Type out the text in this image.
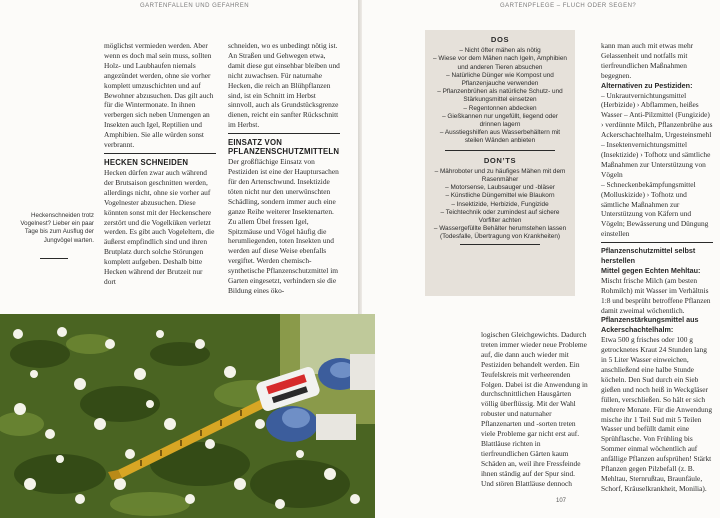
GARTENFALLEN UND GEFAHREN	GARTENPFLEGE – FLUCH ODER SEGEN?

möglichst vermieden werden. Aber wenn es doch mal sein muss, sollten Holz- und Laubhaufen niemals angezündet werden, ohne sie vorher komplett umzuschichten und auf Bewohner abzusuchen. Das gilt auch für die Wintermonate. In ihnen verbergen sich neben Unmengen an Insekten auch Igel, Reptilien und Amphibien. Sie alle würden sonst verbrannt.

HECKEN SCHNEIDEN

Hecken dürfen zwar auch während der Brutsaison geschnitten werden, allerdings nicht, ohne sie vorher auf Vogelnester abzusuchen. Diese könnten sonst mit der Heckenschere zerstört und die Vogelküken verletzt werden. Es gibt auch Vogeleltern, die äußerst empfindlich sind und ihren Brutplatz durch solche Störungen komplett aufgeben. Deshalb bitte Hecken während der Brutzeit nur dort

schneiden, wo es unbedingt nötig ist. An Straßen und Gehwegen etwa, damit diese gut einsehbar bleiben und nicht zuwachsen. Für naturnahe Hecken, die reich an Blühpflanzen sind, ist ein Schnitt im Herbst sinnvoll, auch als Grundstücksgrenze dienen, reicht ein sanfter Rückschnitt im Herbst.

EINSATZ VON PFLANZENSCHUTZMITTELN

Der großflächige Einsatz von Pestiziden ist eine der Hauptursachen für den Artenschwund. Insektizide töten nicht nur den unerwünschten Schädling, sondern immer auch eine ganze Reihe weiterer Insektenarten. Zu allem Übel fressen Igel, Spitzmäuse und Vögel häufig die herumliegenden, toten Insekten und werden auf diese Weise ebenfalls vergiftet. Werden chemisch-synthetische Pflanzenschutzmittel im Garten eingesetzt, verhindern sie die Bildung eines öko-

Heckenschneiden trotz Vogelnest? Lieber ein paar Tage bis zum Ausflug der Jungvögel warten.
DOS
– Nicht öfter mähen als nötig
– Wiese vor dem Mähen nach Igeln, Amphibien und anderen Tieren absuchen
– Natürliche Dünger wie Kompost und Pflanzenjauche verwenden
– Pflanzenbrühen als natürliche Schutz- und Stärkungsmittel einsetzen
– Regentonnen abdecken
– Gießkannen nur ungefüllt, liegend oder drinnen lagern
– Ausstiegshilfen aus Wasserbehältern mit steilen Wänden anbieten
DON’TS
– Mähroboter und zu häufiges Mähen mit dem Rasenmäher
– Motorsense, Laubsauger und -bläser
– Künstliche Düngemittel wie Blaukorn
– Insektizide, Herbizide, Fungizide
– Teichtechnik oder zumindest auf sichere Vorfilter achten
– Wassergefüllte Behälter herumstehen lassen (Todesfalle, Übertragung von Krankheiten)

logischen Gleichgewichts. Dadurch treten immer wieder neue Probleme auf, die dann auch wieder mit Pestiziden behandelt werden. Ein Teufelskreis mit verheerenden Folgen. Dabei ist die Anwendung in durchschnittlichen Hausgärten völlig überflüssig. Mit der Wahl robuster und naturnaher Pflanzenarten und -sorten treten viele Probleme gar nicht erst auf. Blattläuse richten in tierfreundlichen Gärten kaum Schäden an, weil ihre Fressfeinde ihnen ständig auf der Spur sind. Und stören Blattläuse dennoch

kann man auch mit etwas mehr Gelassenheit und notfalls mit tierfreundlichen Maßnahmen begegnen.

Alternativen zu Pestiziden:

– Unkrautvernichtungsmittel (Herbizide) › Abflammen, heißes Wasser – Anti-Pilzmittel (Fungizide) › verdünnte Milch, Pflanzenbrühe aus Ackerschachtelhalm, Urgesteinsmehl – Insektenvernichtungsmittel (Insektizide) › Tofhotz und sämtliche Maßnahmen zur Unterstützung von Vögeln

– Schneckenbekämpfungsmittel (Molluskizide) › Tofhotz und sämtliche Maßnahmen zur Unterstützung von Käfern und Vögeln; Bewässerung und Düngung einstellen

Pflanzenschutzmittel selbst herstellen

Mittel gegen Echten Mehltau:

Mischt frische Milch (am besten Rohmilch) mit Wasser im Verhältnis 1:8 und besprüht betroffene Pflanzen damit zweimal wöchentlich.

Pflanzenstärkungsmittel aus Ackerschachtelhalm:

Etwa 500 g frisches oder 100 g getrocknetes Kraut 24 Stunden lang in 5 Liter Wasser einweichen, anschließend eine halbe Stunde köcheln. Den Sud durch ein Sieb gießen und noch heiß in Weckgläser füllen, verschließen. So hält er sich mehrere Monate. Für die Anwendung mische ihr 1 Teil Sud mit 5 Teilen Wasser und befüllt damit eine Sprühflasche. Von Frühling bis Sommer einmal wöchentlich auf anfällige Pflanzen aufsprühen! Stärkt Pflanzen gegen Pilzbefall (z. B. Mehltau, Sternrußtau, Braunfäule, Schorf, Kräuselkrankheit, Monilia).

107
